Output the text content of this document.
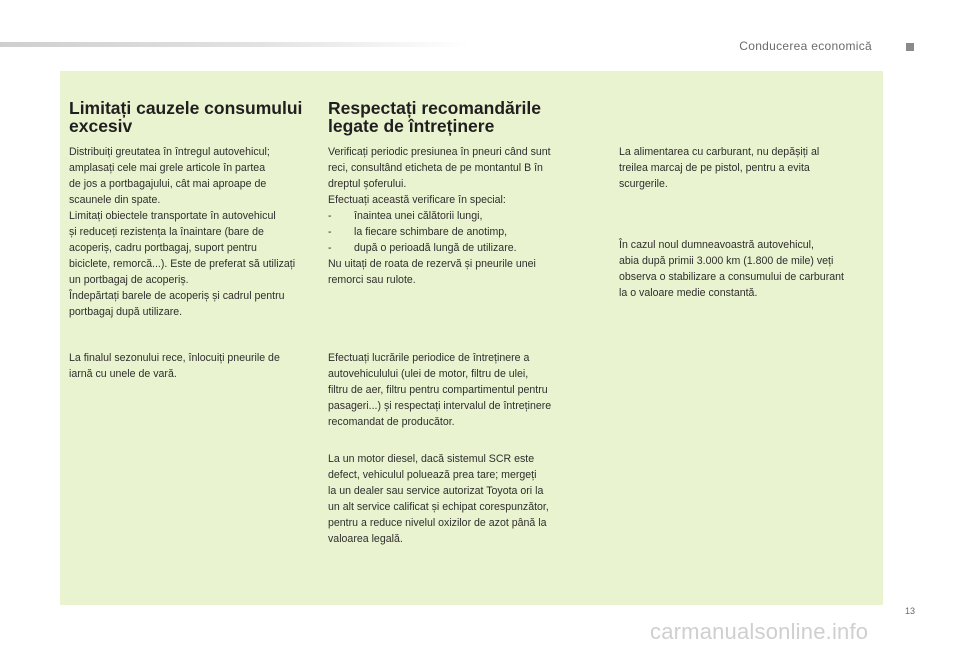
Conducerea economică
Limitați cauzele consumului
excesiv

Distribuiți greutatea în întregul autovehicul;

amplasați cele mai grele articole în partea

de jos a portbagajului, cât mai aproape de

scaunele din spate.

Limitați obiectele transportate în autovehicul

și reduceți rezistența la înaintare (bare de

acoperiș, cadru portbagaj, suport pentru

biciclete, remorcă...). Este de preferat să utilizați

un portbagaj de acoperiș.

Îndepărtați barele de acoperiș și cadrul pentru

portbagaj după utilizare.

La finalul sezonului rece, înlocuiți pneurile de

iarnă cu unele de vară.

Respectați recomandările
legate de întreținere

Verificați periodic presiunea în pneuri când sunt

reci, consultând eticheta de pe montantul B în

dreptul șoferului.

Efectuați această verificare în special:

-	înaintea unei călătorii lungi,
-	la fiecare schimbare de anotimp,
-	după o perioadă lungă de utilizare.

Nu uitați de roata de rezervă și pneurile unei

remorci sau rulote.

Efectuați lucrările periodice de întreținere a

autovehiculului (ulei de motor, filtru de ulei,

filtru de aer, filtru pentru compartimentul pentru

pasageri...) și respectați intervalul de întreținere

recomandat de producător.

La un motor diesel, dacă sistemul SCR este

defect, vehiculul poluează prea tare; mergeți

la un dealer sau service autorizat Toyota ori la

un alt service calificat și echipat corespunzător,

pentru a reduce nivelul oxizilor de azot până la

valoarea legală.

La alimentarea cu carburant, nu depășiți al

treilea marcaj de pe pistol, pentru a evita

scurgerile.

În cazul noul dumneavoastră autovehicul,

abia după primii 3.000 km (1.800 de mile) veți

observa o stabilizare a consumului de carburant

la o valoare medie constantă.

13
carmanualsonline.info
